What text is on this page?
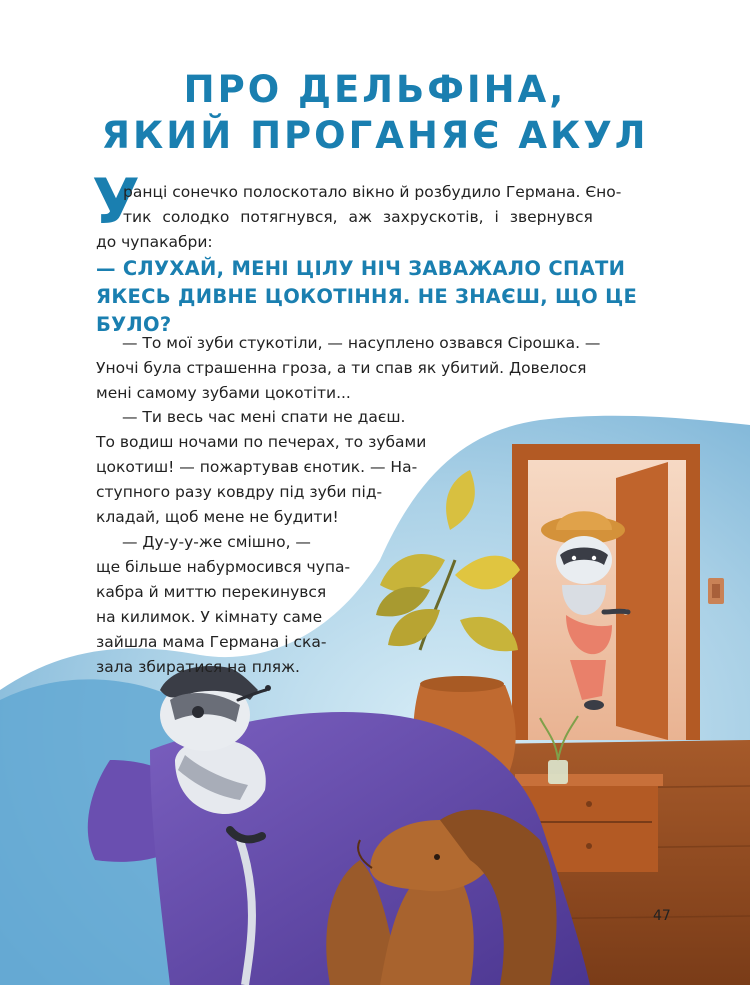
ПРО ДЕЛЬФІНА,
ЯКИЙ ПРОГАНЯЄ АКУЛ
У

ранці сонечко полоскотало вікно й розбудило Германа. Єно-

тик солодко потягнувся, аж захрускотів, і звернувся

до чупакабри:

— СЛУХАЙ, МЕНІ ЦІЛУ НІЧ ЗАВАЖАЛО СПАТИ

ЯКЕСЬ ДИВНЕ ЦОКОТІННЯ. НЕ ЗНАЄШ, ЩО ЦЕ

БУЛО?

— То мої зуби стукотіли, — насуплено озвався Сірошка. —

Уночі була страшенна гроза, а ти спав як убитий. Довелося

мені самому зубами цокотіти...

— Ти весь час мені спати не даєш.

То водиш ночами по печерах, то зубами

цокотиш! — пожартував єнотик. — На-

ступного разу ковдру під зуби під-

кладай, щоб мене не будити!

— Ду-у-у-же смішно, —

ще більше набурмосився чупа-

кабра й миттю перекинувся

на килимок. У кімнату саме

зайшла мама Германа і ска-

зала збиратися на пляж.

47
